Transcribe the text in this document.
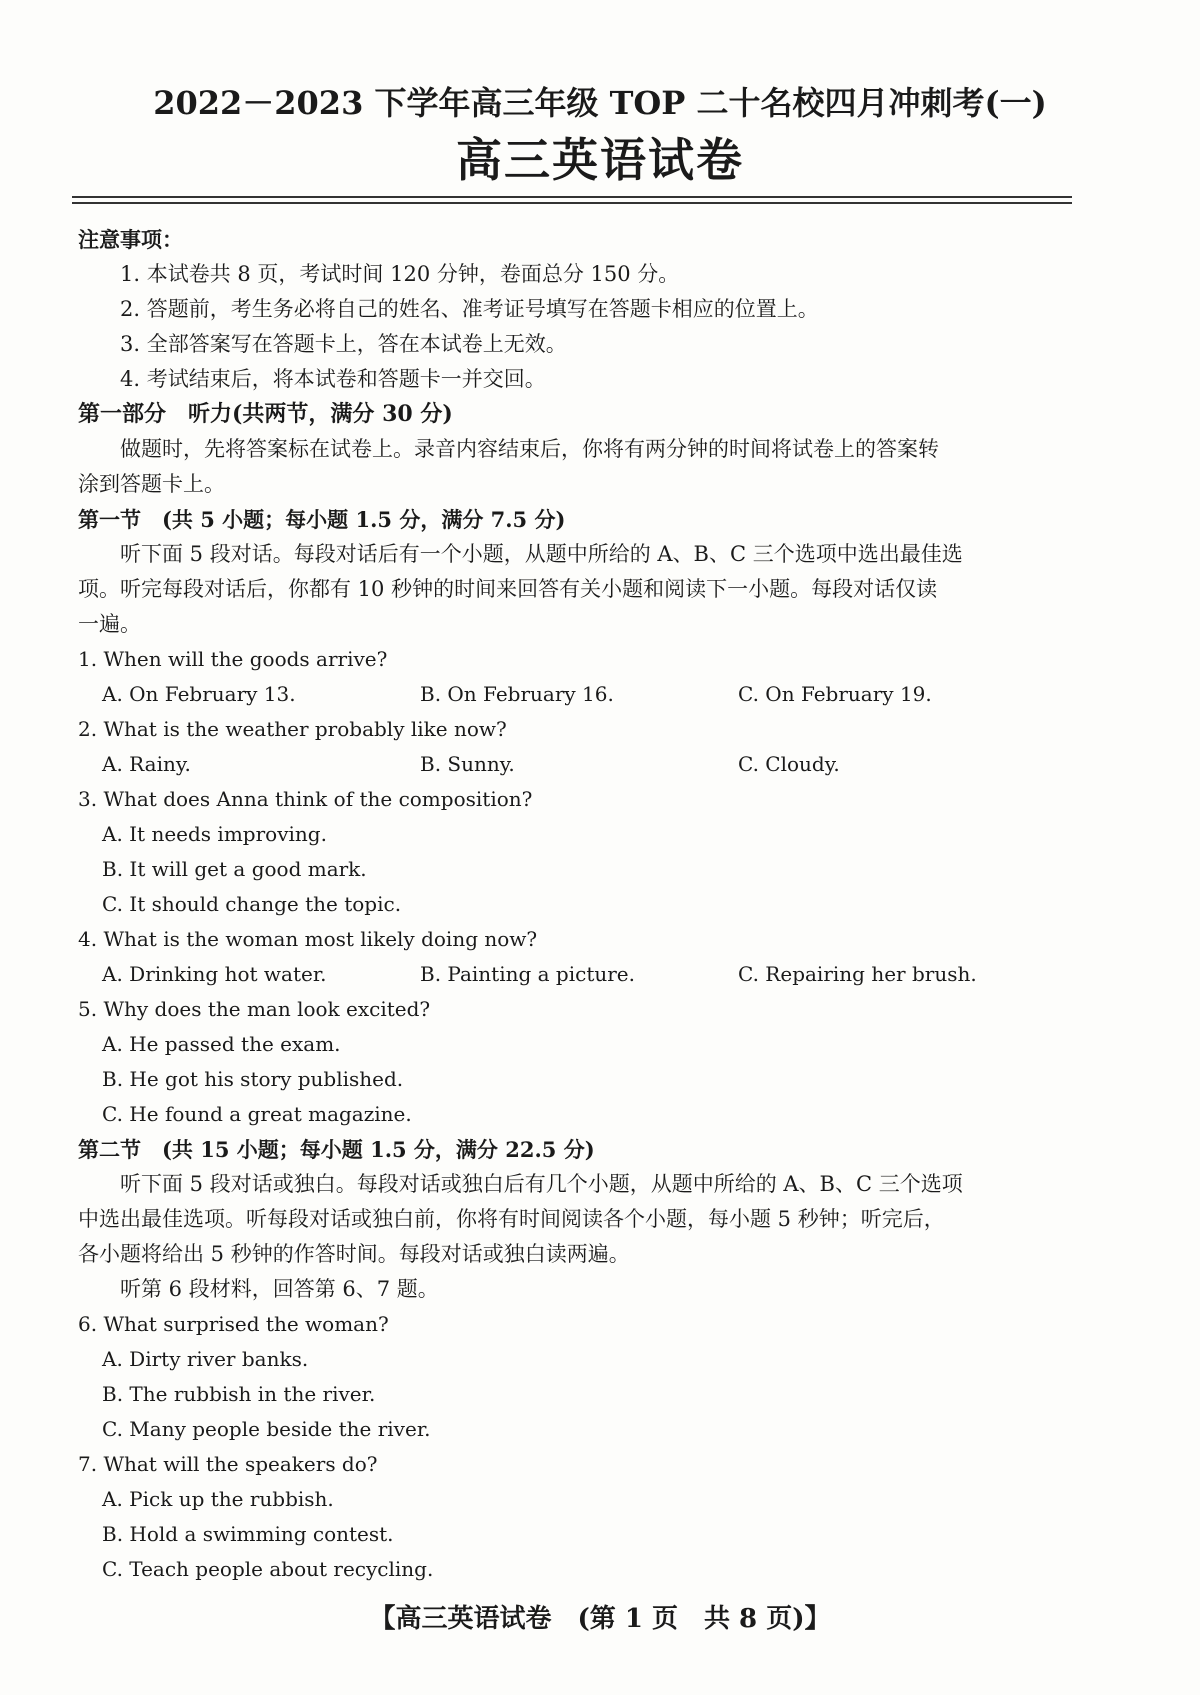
2022－2023 下学年高三年级 TOP 二十名校四月冲刺考(一)
高三英语试卷
注意事项：
1. 本试卷共 8 页，考试时间 120 分钟，卷面总分 150 分。
2. 答题前，考生务必将自己的姓名、准考证号填写在答题卡相应的位置上。
3. 全部答案写在答题卡上，答在本试卷上无效。
4. 考试结束后，将本试卷和答题卡一并交回。
第一部分　听力(共两节，满分 30 分)
做题时，先将答案标在试卷上。录音内容结束后，你将有两分钟的时间将试卷上的答案转
涂到答题卡上。
第一节　(共 5 小题；每小题 1.5 分，满分 7.5 分)
听下面 5 段对话。每段对话后有一个小题，从题中所给的 A、B、C 三个选项中选出最佳选
项。听完每段对话后，你都有 10 秒钟的时间来回答有关小题和阅读下一小题。每段对话仅读
一遍。
1. When will the goods arrive?
A. On February 13.	B. On February 16.	C. On February 19.
2. What is the weather probably like now?
A. Rainy.	B. Sunny.	C. Cloudy.
3. What does Anna think of the composition?
A. It needs improving.
B. It will get a good mark.
C. It should change the topic.
4. What is the woman most likely doing now?
A. Drinking hot water.	B. Painting a picture.	C. Repairing her brush.
5. Why does the man look excited?
A. He passed the exam.
B. He got his story published.
C. He found a great magazine.
第二节　(共 15 小题；每小题 1.5 分，满分 22.5 分)
听下面 5 段对话或独白。每段对话或独白后有几个小题，从题中所给的 A、B、C 三个选项
中选出最佳选项。听每段对话或独白前，你将有时间阅读各个小题，每小题 5 秒钟；听完后，
各小题将给出 5 秒钟的作答时间。每段对话或独白读两遍。
听第 6 段材料，回答第 6、7 题。
6. What surprised the woman?
A. Dirty river banks.
B. The rubbish in the river.
C. Many people beside the river.
7. What will the speakers do?
A. Pick up the rubbish.
B. Hold a swimming contest.
C. Teach people about recycling.
【高三英语试卷　(第 1 页　共 8 页)】
